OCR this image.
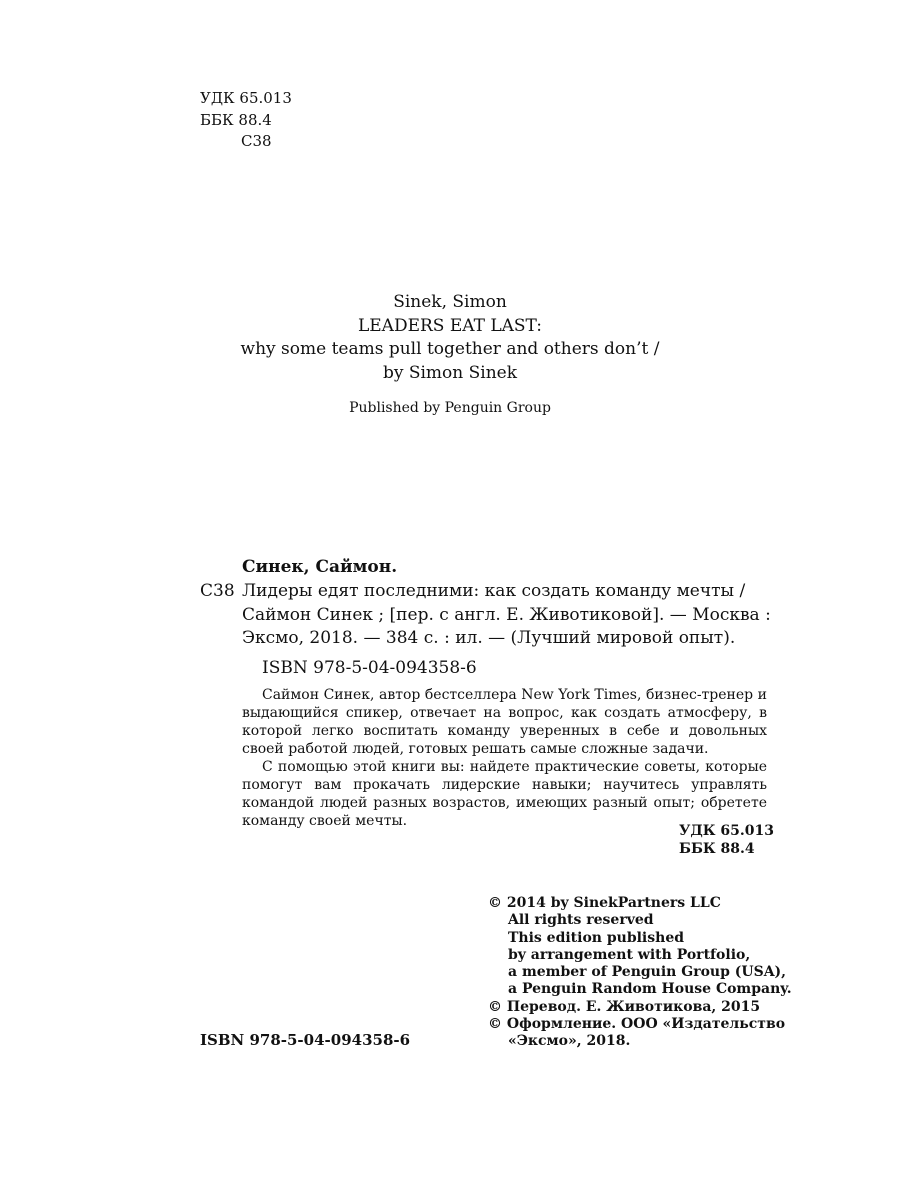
УДК 65.013
ББК 88.4
С38
Sinek, Simon
LEADERS EAT LAST:
why some teams pull together and others don’t /
by Simon Sinek
Published by Penguin Group
Синек, Саймон.
С38 Лидеры едят последними: как создать команду мечты /
Саймон Синек ; [пер. с англ. Е. Животиковой]. — Москва :
Эксмо, 2018. — 384 с. : ил. — (Лучший мировой опыт).
ISBN 978-5-04-094358-6

Саймон Синек, автор бестселлера New York Times, бизнес-тренер и выдающийся спикер, отвечает на вопрос, как создать атмосферу, в которой легко воспитать команду уверенных в себе и довольных своей работой людей, готовых решать самые сложные задачи.

С помощью этой книги вы: найдете практические советы, которые помогут вам прокачать лидерские навыки; научитесь управлять командой людей разных возрастов, имеющих разный опыт; обретете команду своей мечты.

УДК 65.013
ББК 88.4
© 2014 by SinekPartners LLC
All rights reserved
This edition published
by arrangement with Portfolio,
a member of Penguin Group (USA),
a Penguin Random House Company.
© Перевод. Е. Животикова, 2015
© Оформление. ООО «Издательство
«Эксмо», 2018.
ISBN 978-5-04-094358-6
